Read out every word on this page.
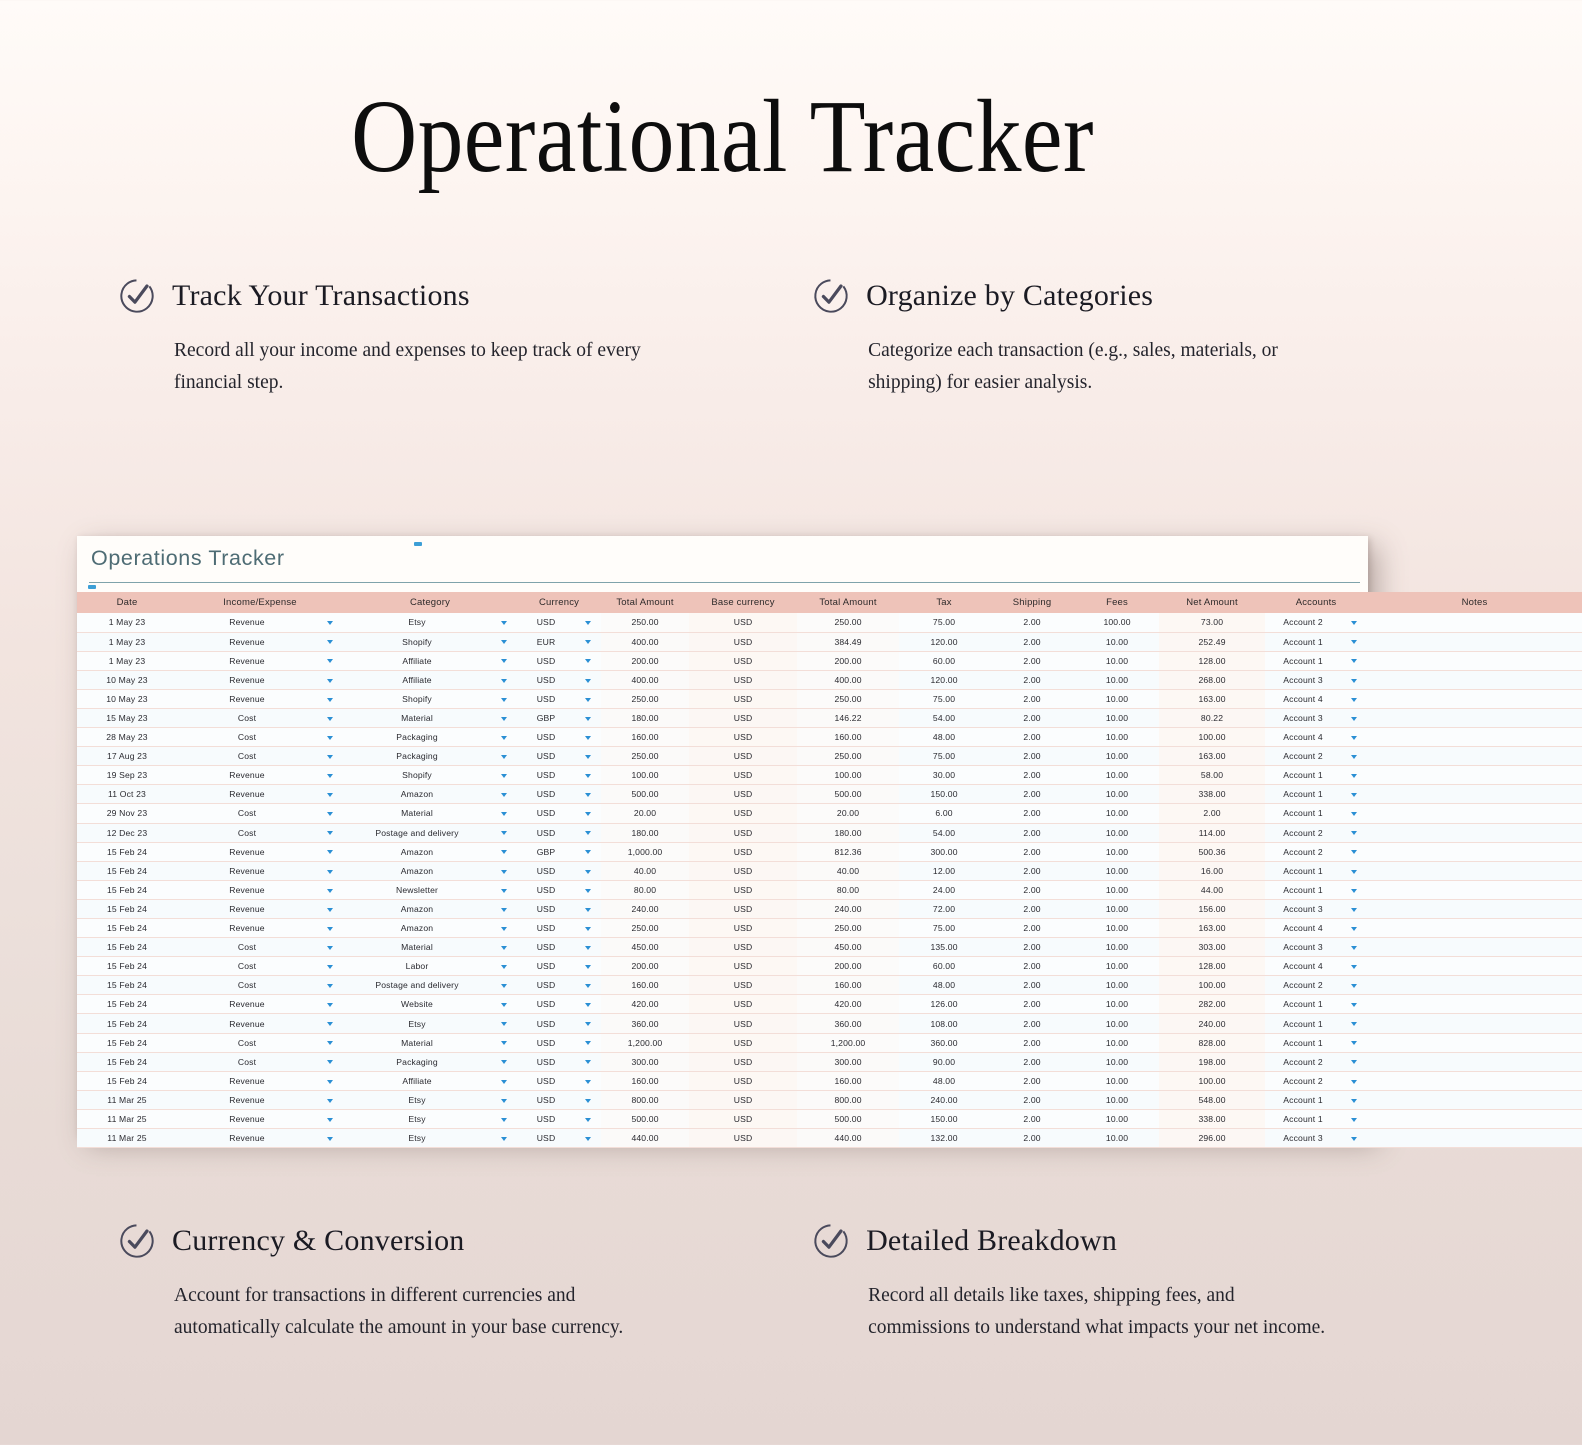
Operational Tracker
Track Your Transactions

Record all your income and expenses to keep track of every financial step.

Organize by Categories

Categorize each transaction (e.g., sales, materials, or shipping) for easier analysis.

Operations Tracker
Date	Income/Expense		Category		Currency		Total Amount	Base currency	Total Amount	Tax	Shipping	Fees	Net Amount	Accounts		Notes	
1 May 23	Revenue		Etsy		USD		250.00	USD	250.00	75.00	2.00	100.00	73.00	Account 2			
1 May 23	Revenue		Shopify		EUR		400.00	USD	384.49	120.00	2.00	10.00	252.49	Account 1			
1 May 23	Revenue		Affiliate		USD		200.00	USD	200.00	60.00	2.00	10.00	128.00	Account 1			
10 May 23	Revenue		Affiliate		USD		400.00	USD	400.00	120.00	2.00	10.00	268.00	Account 3			
10 May 23	Revenue		Shopify		USD		250.00	USD	250.00	75.00	2.00	10.00	163.00	Account 4			
15 May 23	Cost		Material		GBP		180.00	USD	146.22	54.00	2.00	10.00	80.22	Account 3			
28 May 23	Cost		Packaging		USD		160.00	USD	160.00	48.00	2.00	10.00	100.00	Account 4			
17 Aug 23	Cost		Packaging		USD		250.00	USD	250.00	75.00	2.00	10.00	163.00	Account 2			
19 Sep 23	Revenue		Shopify		USD		100.00	USD	100.00	30.00	2.00	10.00	58.00	Account 1			
11 Oct 23	Revenue		Amazon		USD		500.00	USD	500.00	150.00	2.00	10.00	338.00	Account 1			
29 Nov 23	Cost		Material		USD		20.00	USD	20.00	6.00	2.00	10.00	2.00	Account 1			
12 Dec 23	Cost		Postage and delivery		USD		180.00	USD	180.00	54.00	2.00	10.00	114.00	Account 2			
15 Feb 24	Revenue		Amazon		GBP		1,000.00	USD	812.36	300.00	2.00	10.00	500.36	Account 2			
15 Feb 24	Revenue		Amazon		USD		40.00	USD	40.00	12.00	2.00	10.00	16.00	Account 1			
15 Feb 24	Revenue		Newsletter		USD		80.00	USD	80.00	24.00	2.00	10.00	44.00	Account 1			
15 Feb 24	Revenue		Amazon		USD		240.00	USD	240.00	72.00	2.00	10.00	156.00	Account 3			
15 Feb 24	Revenue		Amazon		USD		250.00	USD	250.00	75.00	2.00	10.00	163.00	Account 4			
15 Feb 24	Cost		Material		USD		450.00	USD	450.00	135.00	2.00	10.00	303.00	Account 3			
15 Feb 24	Cost		Labor		USD		200.00	USD	200.00	60.00	2.00	10.00	128.00	Account 4			
15 Feb 24	Cost		Postage and delivery		USD		160.00	USD	160.00	48.00	2.00	10.00	100.00	Account 2			
15 Feb 24	Revenue		Website		USD		420.00	USD	420.00	126.00	2.00	10.00	282.00	Account 1			
15 Feb 24	Revenue		Etsy		USD		360.00	USD	360.00	108.00	2.00	10.00	240.00	Account 1			
15 Feb 24	Cost		Material		USD		1,200.00	USD	1,200.00	360.00	2.00	10.00	828.00	Account 1			
15 Feb 24	Cost		Packaging		USD		300.00	USD	300.00	90.00	2.00	10.00	198.00	Account 2			
15 Feb 24	Revenue		Affiliate		USD		160.00	USD	160.00	48.00	2.00	10.00	100.00	Account 2			
11 Mar 25	Revenue		Etsy		USD		800.00	USD	800.00	240.00	2.00	10.00	548.00	Account 1			
11 Mar 25	Revenue		Etsy		USD		500.00	USD	500.00	150.00	2.00	10.00	338.00	Account 1			
11 Mar 25	Revenue		Etsy		USD		440.00	USD	440.00	132.00	2.00	10.00	296.00	Account 3			
Currency & Conversion

Account for transactions in different currencies and automatically calculate the amount in your base currency.

Detailed Breakdown

Record all details like taxes, shipping fees, and commissions to understand what impacts your net income.
